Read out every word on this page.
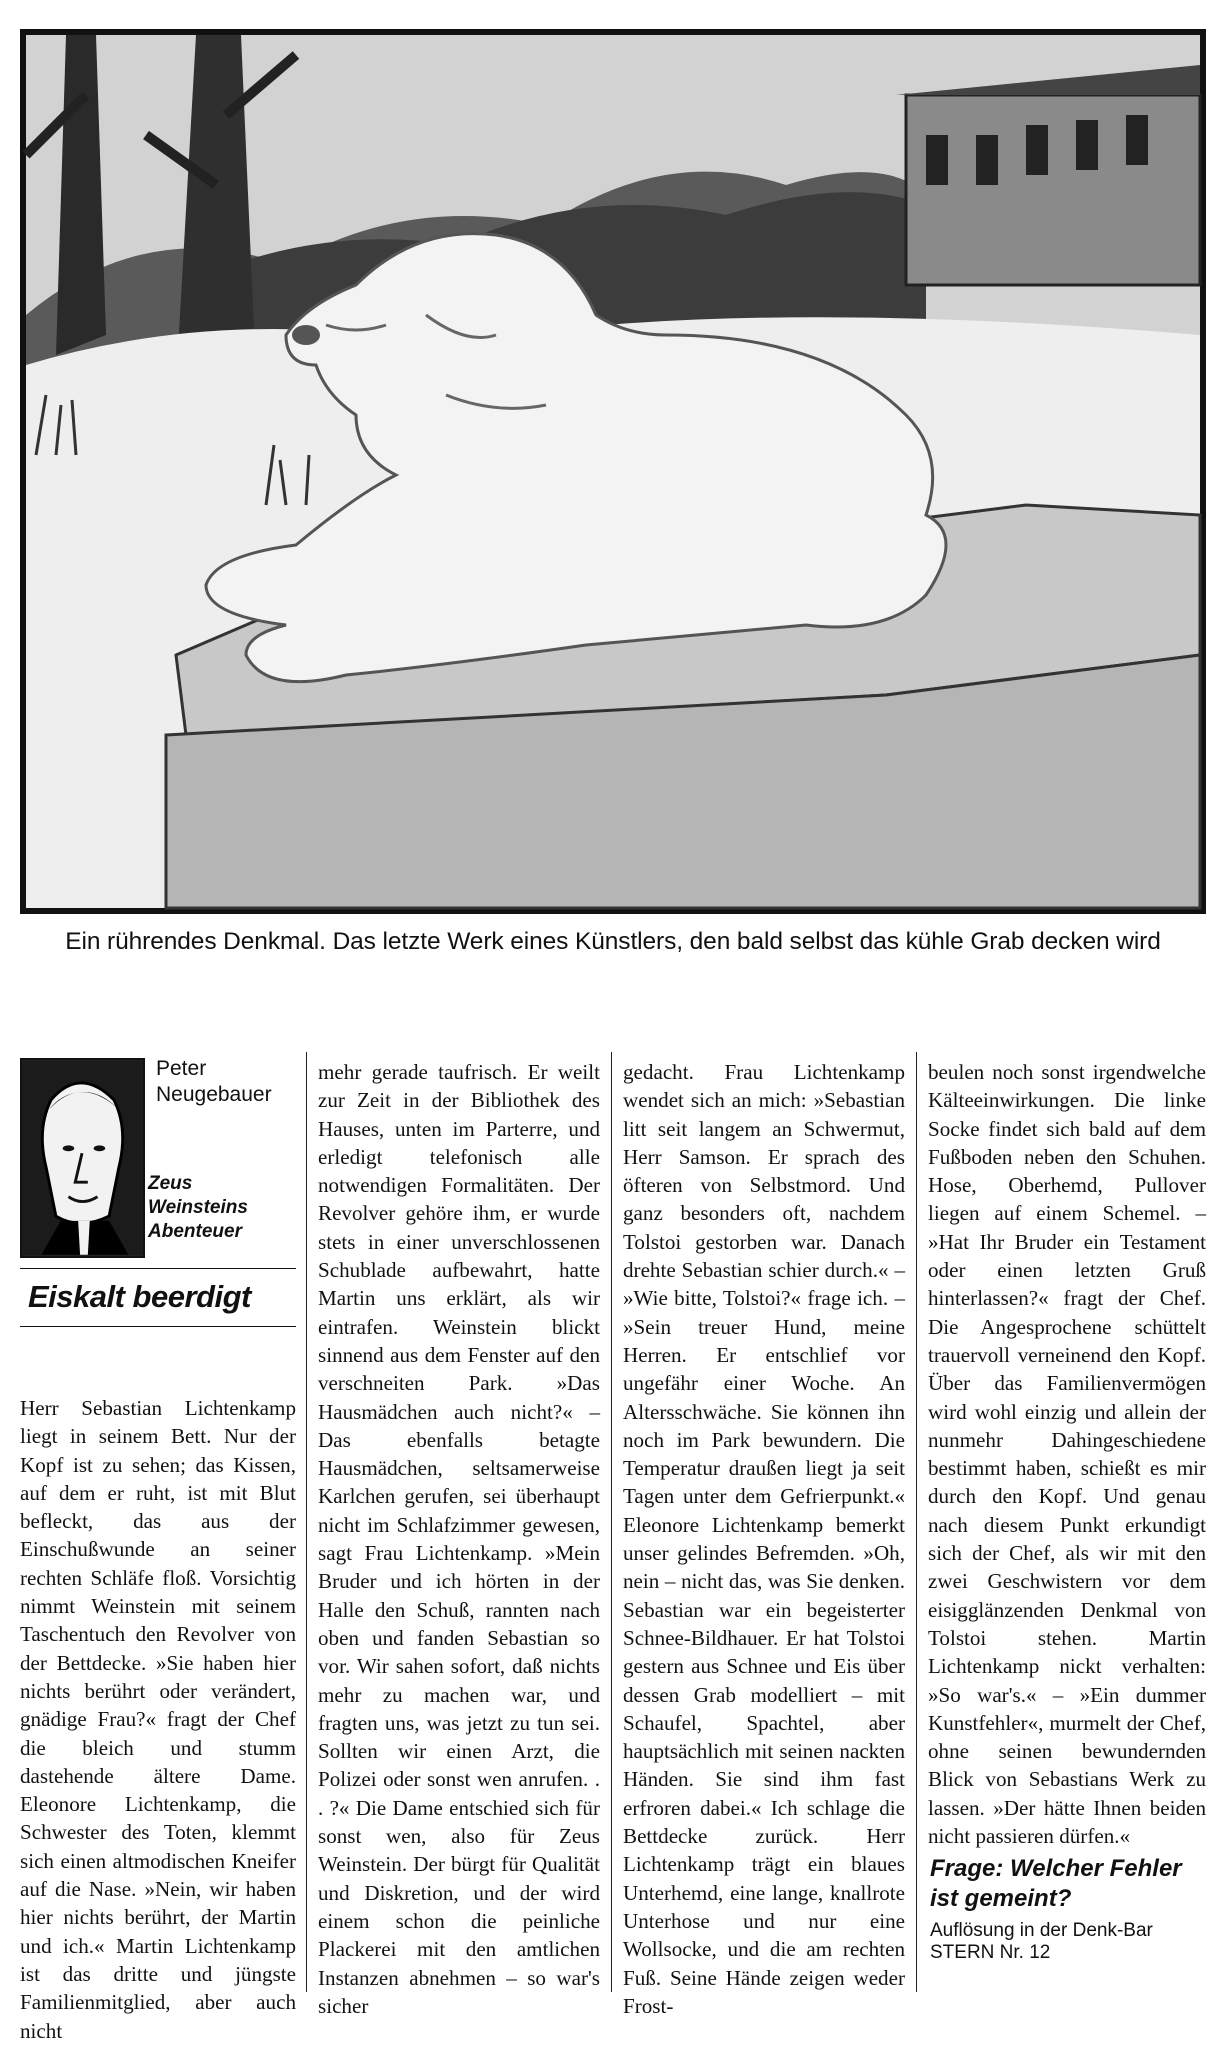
Ein rührendes Denkmal. Das letzte Werk eines Künstlers, den bald selbst das kühle Grab decken wird
Peter
Neugebauer
Zeus
Weinsteins
Abenteuer
Eiskalt beerdigt

Herr Sebastian Lichtenkamp liegt in seinem Bett. Nur der Kopf ist zu sehen; das Kissen, auf dem er ruht, ist mit Blut befleckt, das aus der Einschußwunde an seiner rechten Schläfe floß. Vorsichtig nimmt Weinstein mit seinem Taschentuch den Revolver von der Bettdecke. »Sie haben hier nichts berührt oder verändert, gnädige Frau?« fragt der Chef die bleich und stumm dastehende ältere Dame. Eleonore Lichtenkamp, die Schwester des Toten, klemmt sich einen altmodischen Kneifer auf die Nase. »Nein, wir haben hier nichts berührt, der Martin und ich.« Martin Lichtenkamp ist das dritte und jüngste Familienmitglied, aber auch nicht

mehr gerade taufrisch. Er weilt zur Zeit in der Bibliothek des Hauses, unten im Parterre, und erledigt telefonisch alle notwendigen Formalitäten. Der Revolver gehöre ihm, er wurde stets in einer unverschlossenen Schublade aufbewahrt, hatte Martin uns erklärt, als wir eintrafen. Weinstein blickt sinnend aus dem Fenster auf den verschneiten Park. »Das Hausmädchen auch nicht?« – Das ebenfalls betagte Hausmädchen, seltsamerweise Karlchen gerufen, sei überhaupt nicht im Schlafzimmer gewesen, sagt Frau Lichtenkamp. »Mein Bruder und ich hörten in der Halle den Schuß, rannten nach oben und fanden Sebastian so vor. Wir sahen sofort, daß nichts mehr zu machen war, und fragten uns, was jetzt zu tun sei. Sollten wir einen Arzt, die Polizei oder sonst wen anrufen. . . ?« Die Dame entschied sich für sonst wen, also für Zeus Weinstein. Der bürgt für Qualität und Diskretion, und der wird einem schon die peinliche Plackerei mit den amtlichen Instanzen abnehmen – so war's sicher

gedacht. Frau Lichtenkamp wendet sich an mich: »Sebastian litt seit langem an Schwermut, Herr Samson. Er sprach des öfteren von Selbstmord. Und ganz besonders oft, nachdem Tolstoi gestorben war. Danach drehte Sebastian schier durch.« – »Wie bitte, Tolstoi?« frage ich. – »Sein treuer Hund, meine Herren. Er entschlief vor ungefähr einer Woche. An Altersschwäche. Sie können ihn noch im Park bewundern. Die Temperatur draußen liegt ja seit Tagen unter dem Gefrierpunkt.« Eleonore Lichtenkamp bemerkt unser gelindes Befremden. »Oh, nein – nicht das, was Sie denken. Sebastian war ein begeisterter Schnee-Bildhauer. Er hat Tolstoi gestern aus Schnee und Eis über dessen Grab modelliert – mit Schaufel, Spachtel, aber hauptsächlich mit seinen nackten Händen. Sie sind ihm fast erfroren dabei.« Ich schlage die Bettdecke zurück. Herr Lichtenkamp trägt ein blaues Unterhemd, eine lange, knallrote Unterhose und nur eine Wollsocke, und die am rechten Fuß. Seine Hände zeigen weder Frost-

beulen noch sonst irgendwelche Kälteeinwirkungen. Die linke Socke findet sich bald auf dem Fußboden neben den Schuhen. Hose, Oberhemd, Pullover liegen auf einem Schemel. – »Hat Ihr Bruder ein Testament oder einen letzten Gruß hinterlassen?« fragt der Chef. Die Angesprochene schüttelt trauervoll verneinend den Kopf. Über das Familienvermögen wird wohl einzig und allein der nunmehr Dahingeschiedene bestimmt haben, schießt es mir durch den Kopf. Und genau nach diesem Punkt erkundigt sich der Chef, als wir mit den zwei Geschwistern vor dem eisigglänzenden Denkmal von Tolstoi stehen. Martin Lichtenkamp nickt verhalten: »So war's.« – »Ein dummer Kunstfehler«, murmelt der Chef, ohne seinen bewundernden Blick von Sebastians Werk zu lassen. »Der hätte Ihnen beiden nicht passieren dürfen.«

Frage: Welcher Fehler ist gemeint?
Auflösung in der Denk-Bar
STERN Nr. 12
